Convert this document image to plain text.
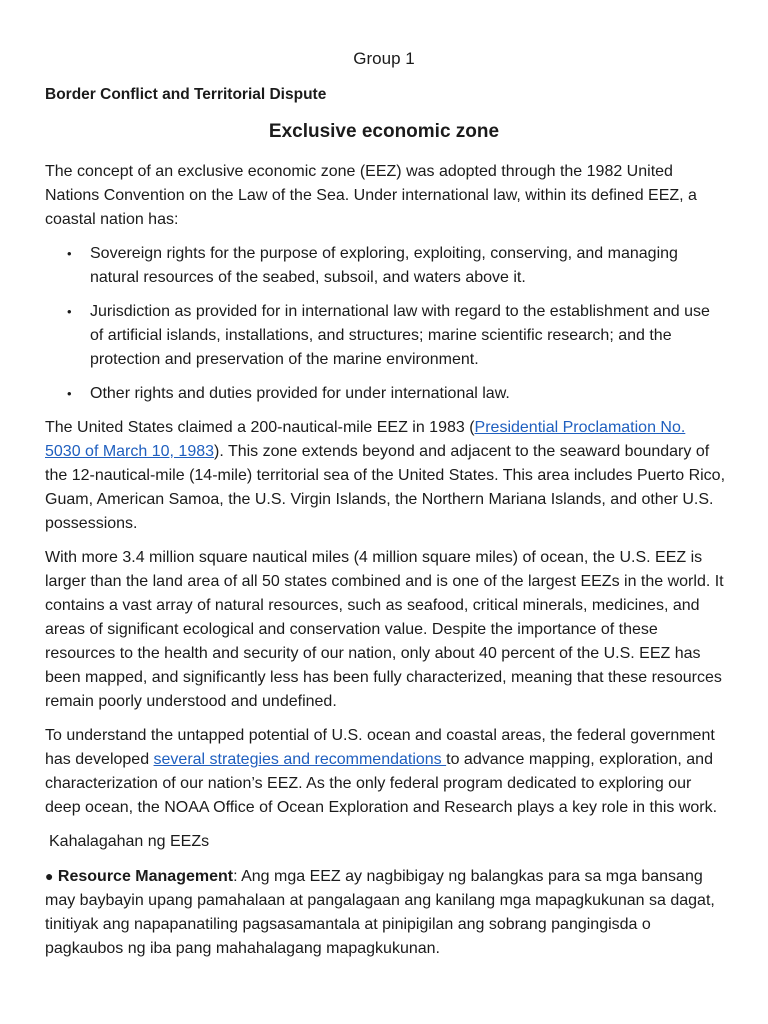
Group 1
Border Conflict and Territorial Dispute
Exclusive economic zone

The concept of an exclusive economic zone (EEZ) was adopted through the 1982 United Nations Convention on the Law of the Sea. Under international law, within its defined EEZ, a coastal nation has:

• Sovereign rights for the purpose of exploring, exploiting, conserving, and managing natural resources of the seabed, subsoil, and waters above it.
• Jurisdiction as provided for in international law with regard to the establishment and use of artificial islands, installations, and structures; marine scientific research; and the protection and preservation of the marine environment.
• Other rights and duties provided for under international law.

The United States claimed a 200-nautical-mile EEZ in 1983 (Presidential Proclamation No. 5030 of March 10, 1983). This zone extends beyond and adjacent to the seaward boundary of the 12-nautical-mile (14-mile) territorial sea of the United States. This area includes Puerto Rico, Guam, American Samoa, the U.S. Virgin Islands, the Northern Mariana Islands, and other U.S. possessions.

With more 3.4 million square nautical miles (4 million square miles) of ocean, the U.S. EEZ is larger than the land area of all 50 states combined and is one of the largest EEZs in the world. It contains a vast array of natural resources, such as seafood, critical minerals, medicines, and areas of significant ecological and conservation value. Despite the importance of these resources to the health and security of our nation, only about 40 percent of the U.S. EEZ has been mapped, and significantly less has been fully characterized, meaning that these resources remain poorly understood and undefined.

To understand the untapped potential of U.S. ocean and coastal areas, the federal government has developed several strategies and recommendations to advance mapping, exploration, and characterization of our nation’s EEZ. As the only federal program dedicated to exploring our deep ocean, the NOAA Office of Ocean Exploration and Research plays a key role in this work.

Kahalagahan ng EEZs

● Resource Management: Ang mga EEZ ay nagbibigay ng balangkas para sa mga bansang may baybayin upang pamahalaan at pangalagaan ang kanilang mga mapagkukunan sa dagat, tinitiyak ang napapanatiling pagsasamantala at pinipigilan ang sobrang pangingisda o pagkaubos ng iba pang mahahalagang mapagkukunan.
